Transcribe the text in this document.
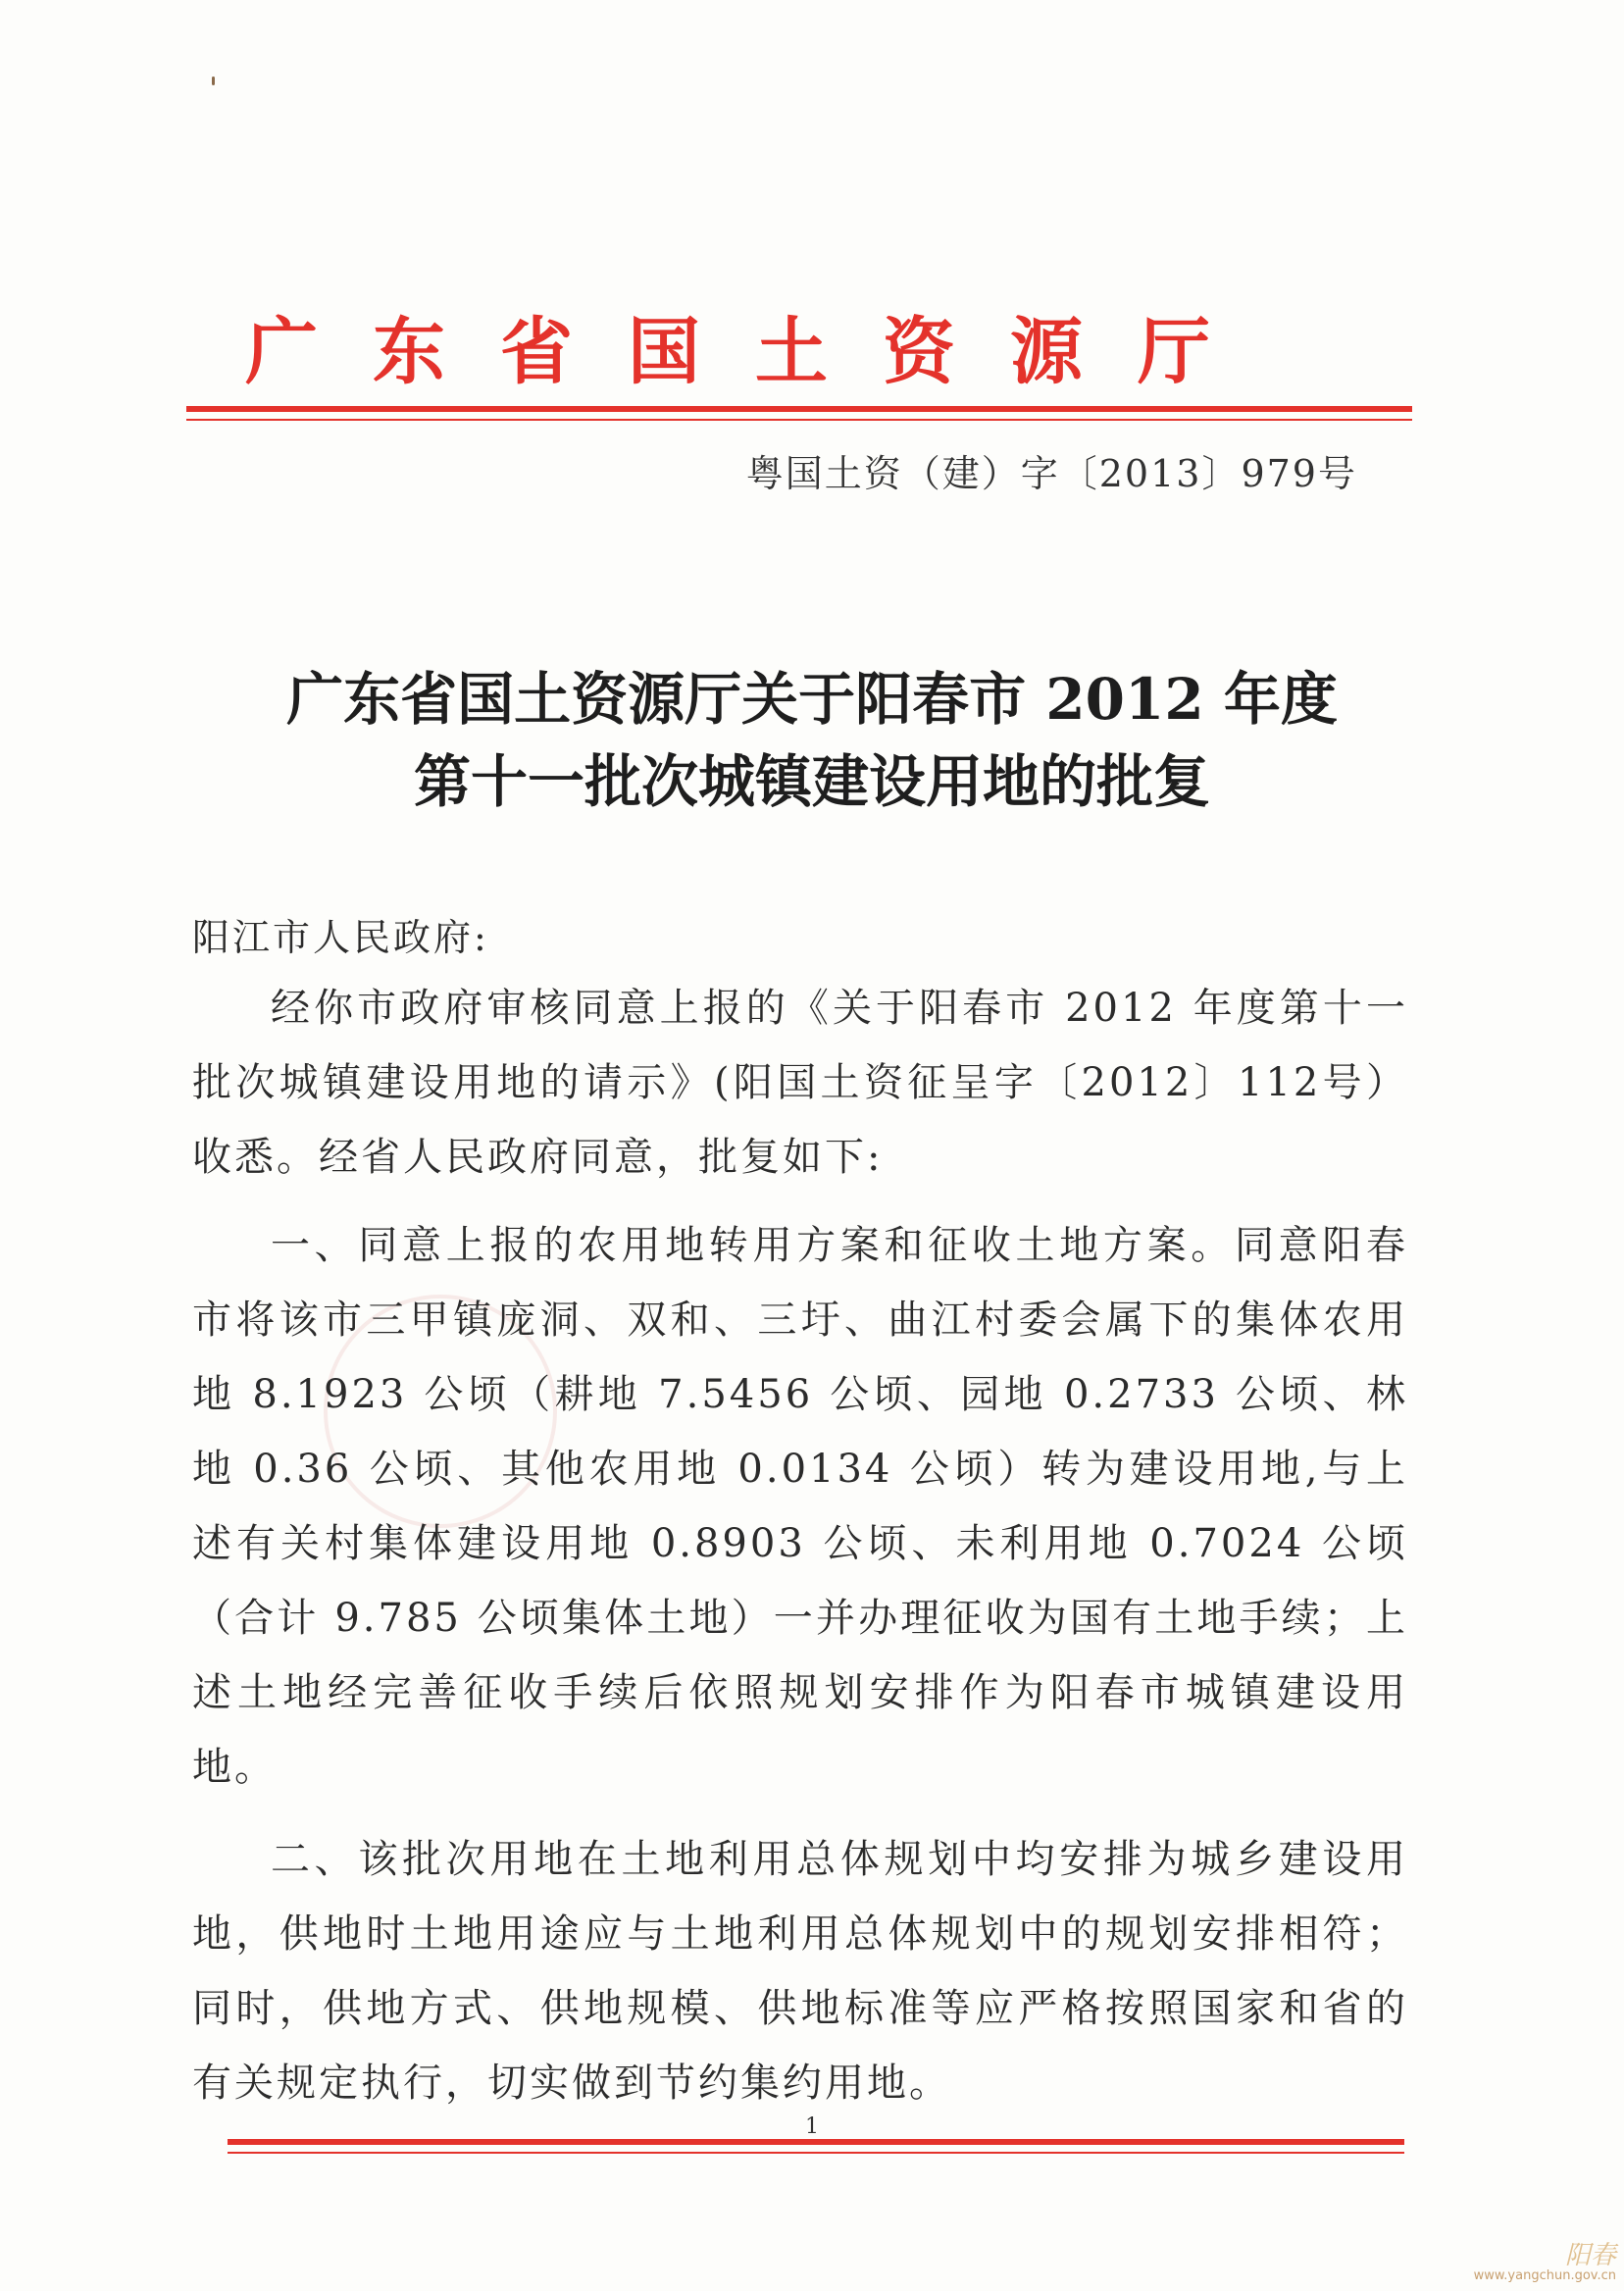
广东省国土资源厅
粤国土资（建）字〔2013〕979号
广东省国土资源厅关于阳春市 2012 年度
第十一批次城镇建设用地的批复
阳江市人民政府:

经你市政府审核同意上报的《关于阳春市 2012 年度第十一批次城镇建设用地的请示》(阳国土资征呈字〔2012〕112号）收悉。经省人民政府同意，批复如下:

一、同意上报的农用地转用方案和征收土地方案。同意阳春市将该市三甲镇庞洞、双和、三圩、曲江村委会属下的集体农用地 8.1923 公顷（耕地 7.5456 公顷、园地 0.2733 公顷、林地 0.36 公顷、其他农用地 0.0134 公顷）转为建设用地,与上述有关村集体建设用地 0.8903 公顷、未利用地 0.7024 公顷（合计 9.785 公顷集体土地）一并办理征收为国有土地手续；上述土地经完善征收手续后依照规划安排作为阳春市城镇建设用地。

二、该批次用地在土地利用总体规划中均安排为城乡建设用地，供地时土地用途应与土地利用总体规划中的规划安排相符；同时，供地方式、供地规模、供地标准等应严格按照国家和省的有关规定执行，切实做到节约集约用地。

1
阳春
www.yangchun.gov.cn
